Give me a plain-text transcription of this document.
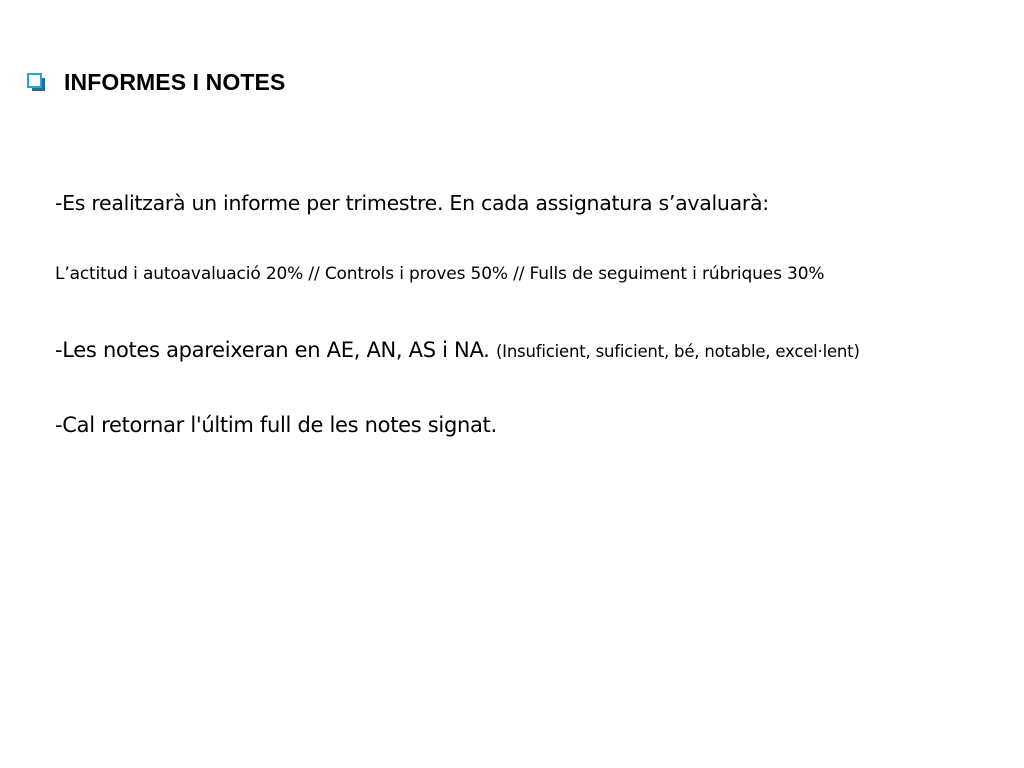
INFORMES I NOTES
-Es realitzarà un informe per trimestre. En cada assignatura s’avaluarà:
L’actitud i autoavaluació 20% // Controls i proves 50% // Fulls de seguiment i rúbriques 30%
-Les notes apareixeran en AE, AN, AS i NA. (Insuficient, suficient, bé, notable, excel·lent)
-Cal retornar l'últim full de les notes signat.
